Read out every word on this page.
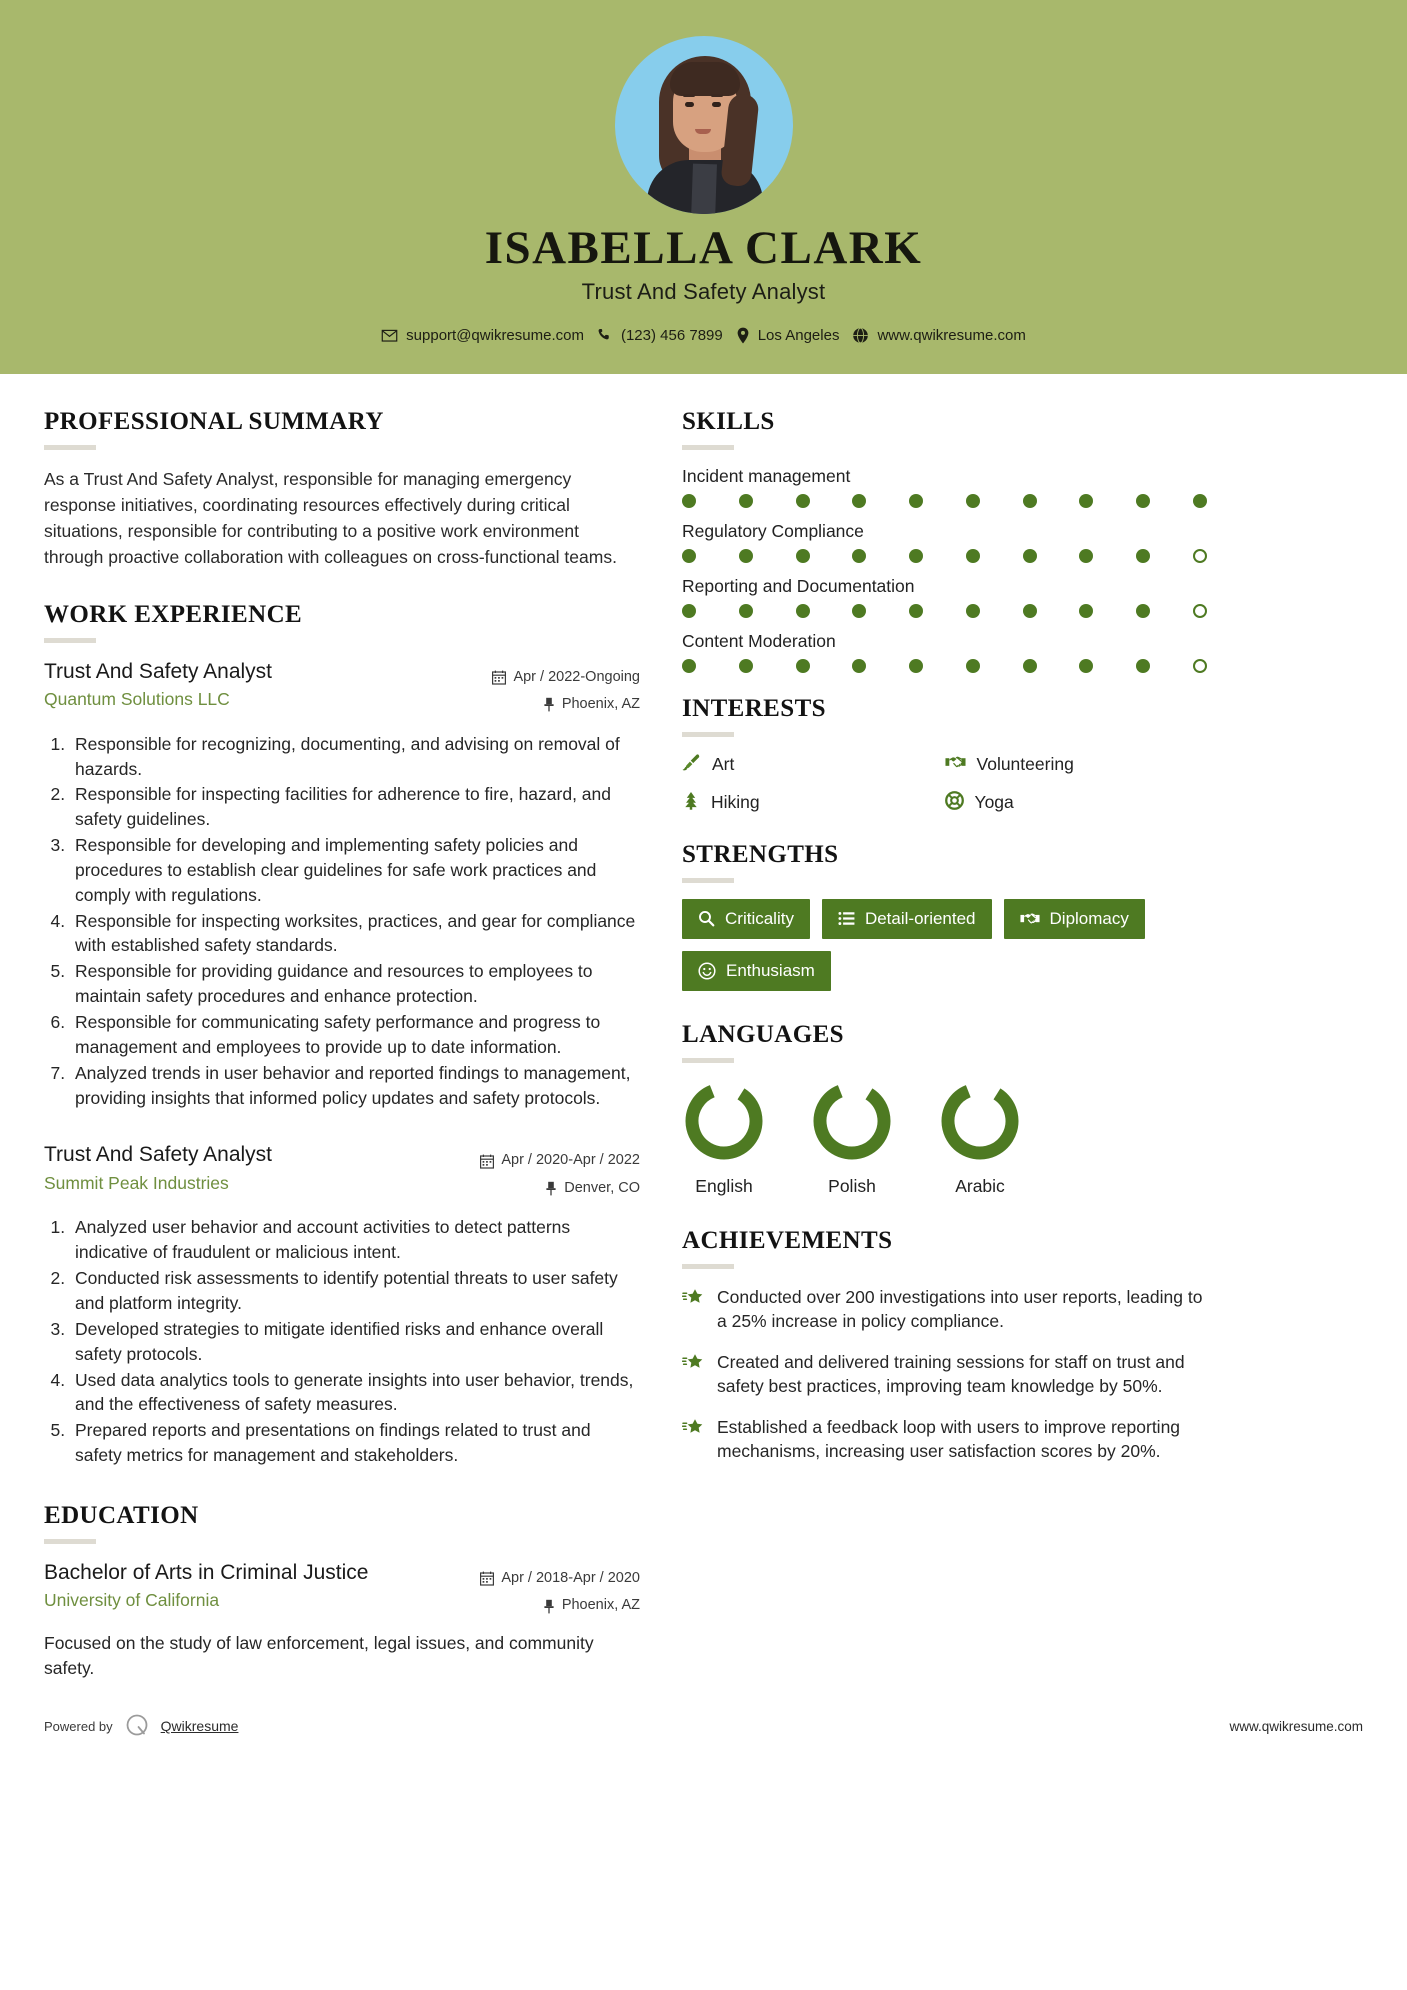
ISABELLA CLARK
Trust And Safety Analyst
support@qwikresume.com (123) 456 7899 Los Angeles	www.qwikresume.com
PROFESSIONAL SUMMARY
As a Trust And Safety Analyst, responsible for managing emergency response initiatives, coordinating resources effectively during critical situations, responsible for contributing to a positive work environment through proactive collaboration with colleagues on cross-functional teams.
WORK EXPERIENCE
Trust And Safety Analyst
Quantum Solutions LLC
Apr / 2022-Ongoing
Phoenix, AZ
1. Responsible for recognizing, documenting, and advising on removal of hazards.
2. Responsible for inspecting facilities for adherence to fire, hazard, and safety guidelines.
3. Responsible for developing and implementing safety policies and procedures to establish clear guidelines for safe work practices and comply with regulations.
4. Responsible for inspecting worksites, practices, and gear for compliance with established safety standards.
5. Responsible for providing guidance and resources to employees to maintain safety procedures and enhance protection.
6. Responsible for communicating safety performance and progress to management and employees to provide up to date information.
7. Analyzed trends in user behavior and reported findings to management, providing insights that informed policy updates and safety protocols.
Trust And Safety Analyst
Summit Peak Industries
Apr / 2020-Apr / 2022
Denver, CO
1. Analyzed user behavior and account activities to detect patterns indicative of fraudulent or malicious intent.
2. Conducted risk assessments to identify potential threats to user safety and platform integrity.
3. Developed strategies to mitigate identified risks and enhance overall safety protocols.
4. Used data analytics tools to generate insights into user behavior, trends, and the effectiveness of safety measures.
5. Prepared reports and presentations on findings related to trust and safety metrics for management and stakeholders.
EDUCATION
Bachelor of Arts in Criminal Justice
University of California
Apr / 2018-Apr / 2020
Phoenix, AZ
Focused on the study of law enforcement, legal issues, and community safety.
SKILLS
Incident management
Regulatory Compliance
Reporting and Documentation
Content Moderation
INTERESTS
Art	Volunteering
Hiking	Yoga
STRENGTHS
Criticality	Detail-oriented	Diplomacy
Enthusiasm
LANGUAGES
English	Polish	Arabic
ACHIEVEMENTS
Conducted over 200 investigations into user reports, leading to a 25% increase in policy compliance.
Created and delivered training sessions for staff on trust and safety best practices, improving team knowledge by 50%.
Established a feedback loop with users to improve reporting mechanisms, increasing user satisfaction scores by 20%.
Powered by	Qwikresume	www.qwikresume.com
